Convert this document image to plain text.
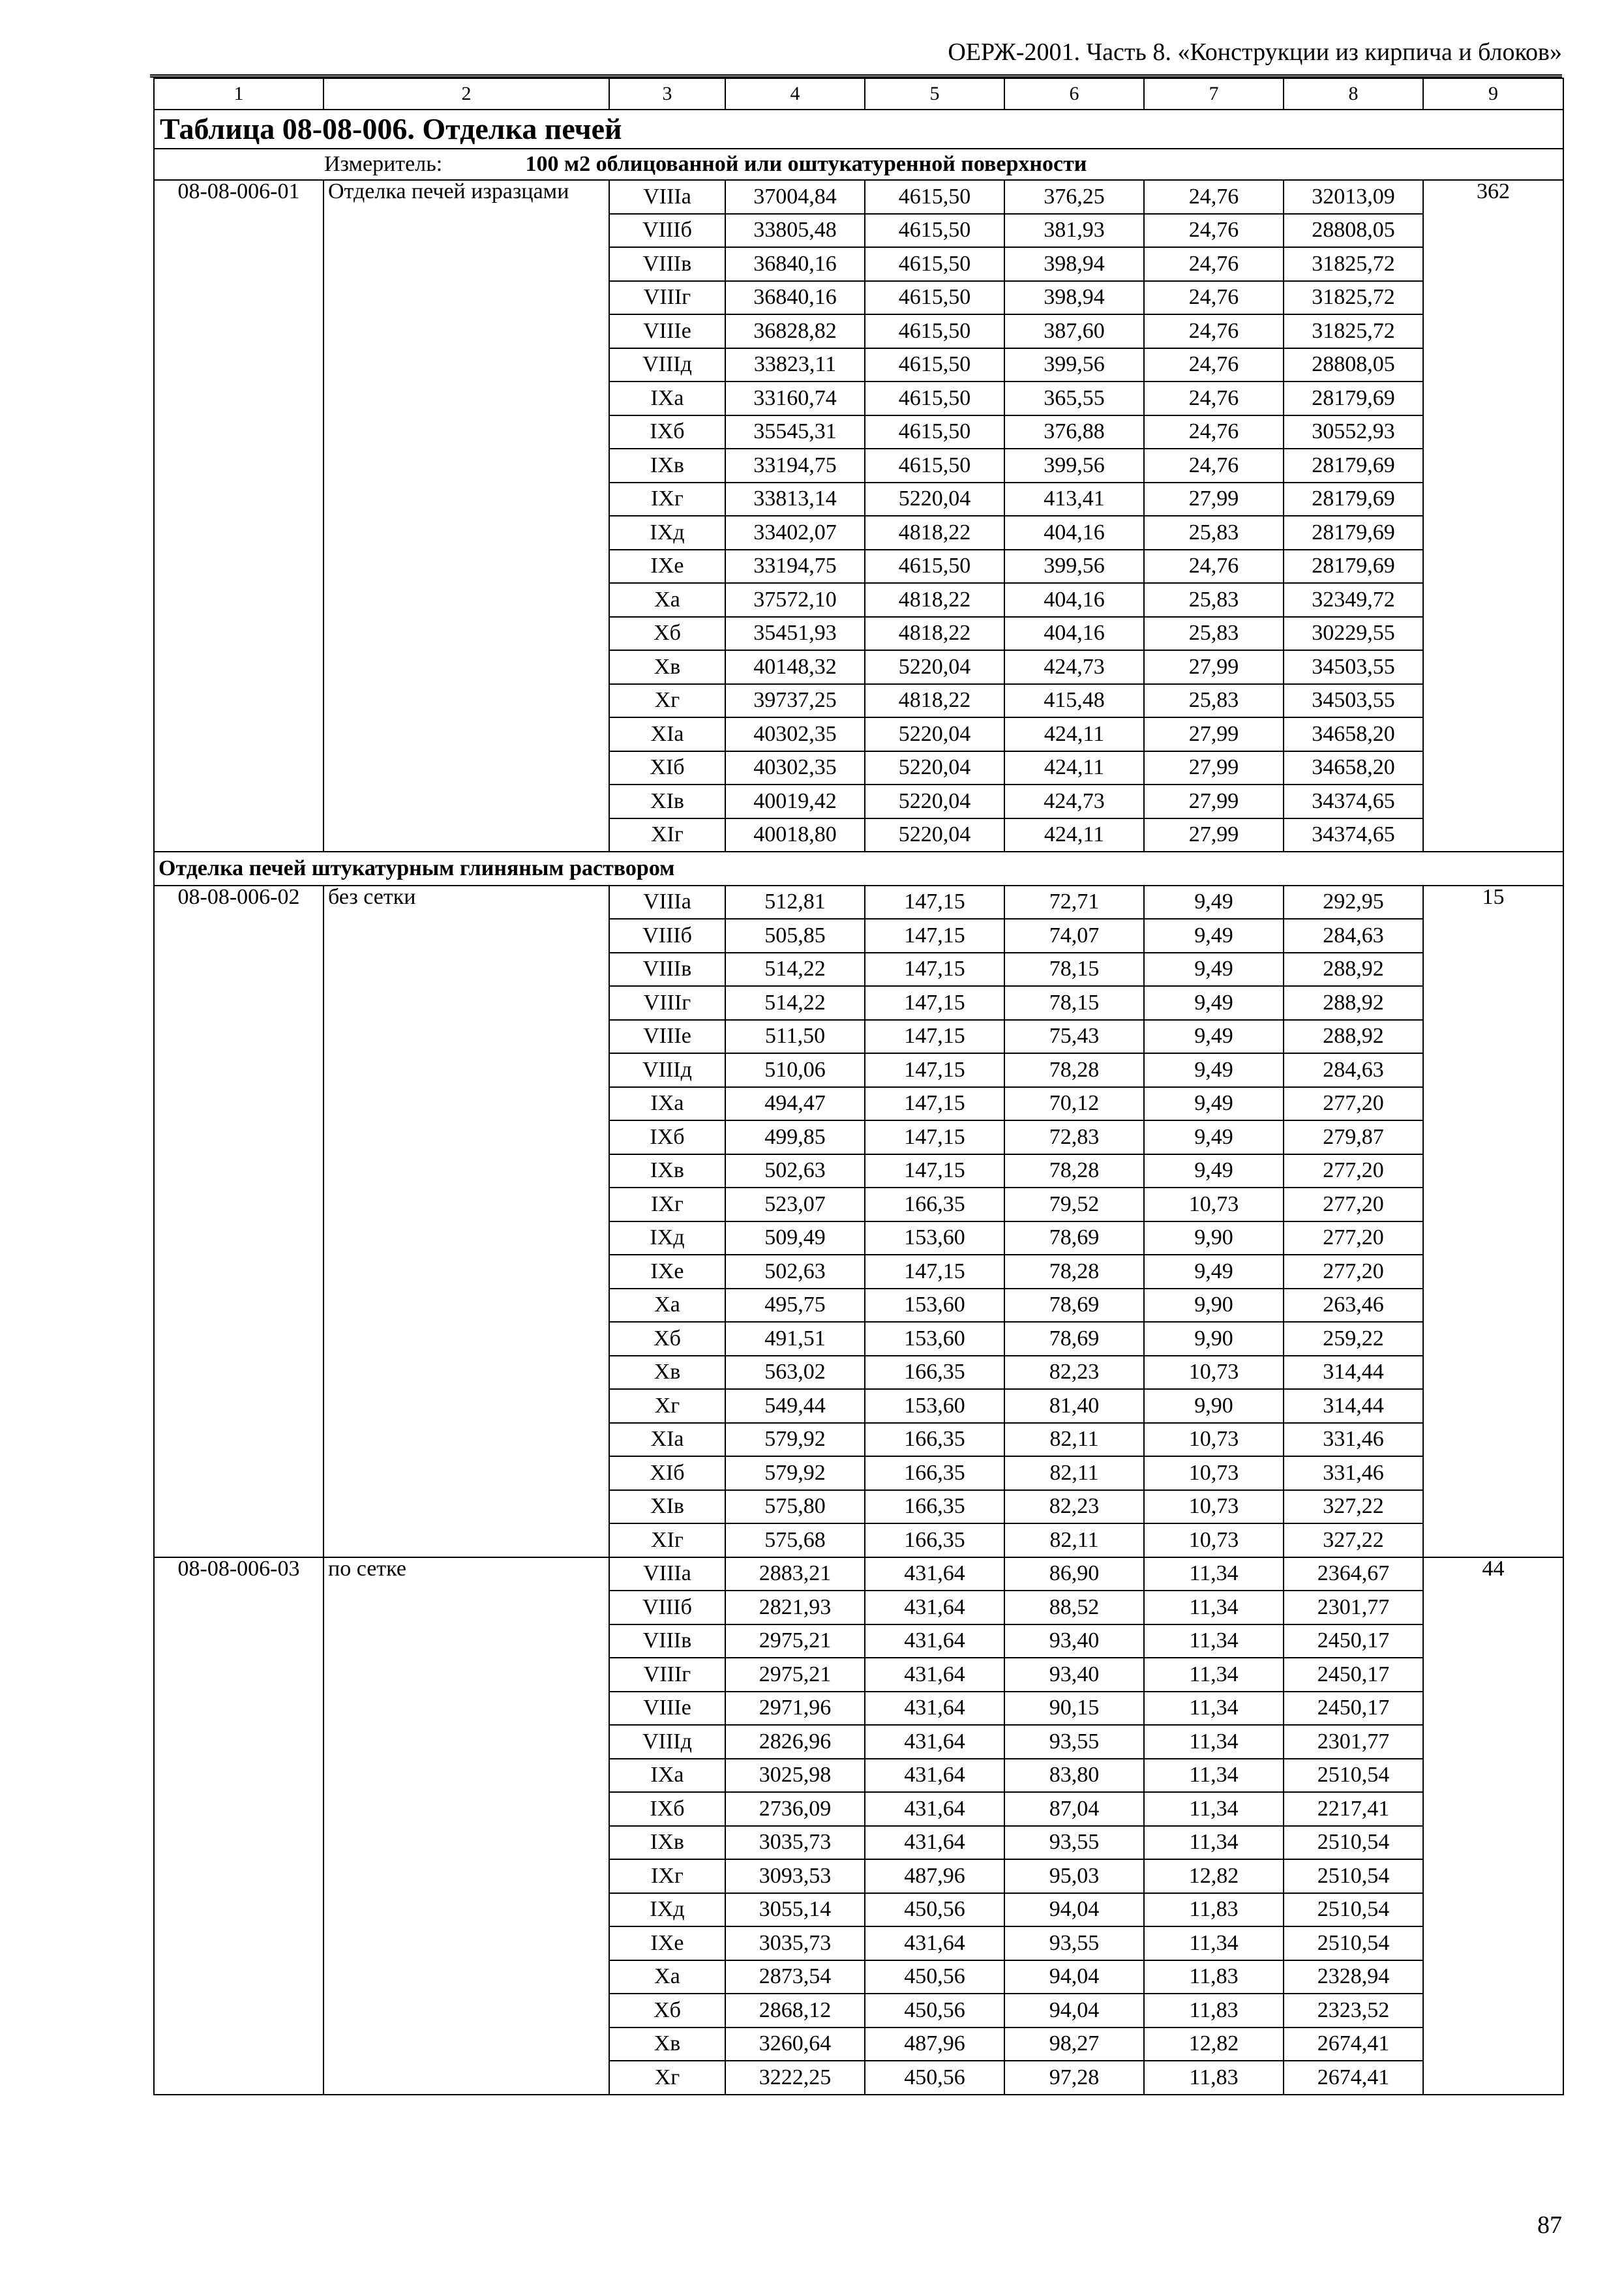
ОЕРЖ-2001. Часть 8. «Конструкции из кирпича и блоков»
1	2	3	4	5	6	7	8	9
Таблица 08-08-006. Отделка печей								
Измеритель: 100 м2 облицованной или оштукатуренной поверхности								
08-08-006-01	Отделка печей изразцами	VIIIa	37004,84	4615,50	376,25	24,76	32013,09	362
		VIIIб	33805,48	4615,50	381,93	24,76	28808,05	
		VIIIв	36840,16	4615,50	398,94	24,76	31825,72	
		VIIIг	36840,16	4615,50	398,94	24,76	31825,72	
		VIIIе	36828,82	4615,50	387,60	24,76	31825,72	
		VIIIд	33823,11	4615,50	399,56	24,76	28808,05	
		IXa	33160,74	4615,50	365,55	24,76	28179,69	
		IXб	35545,31	4615,50	376,88	24,76	30552,93	
		IXв	33194,75	4615,50	399,56	24,76	28179,69	
		IXг	33813,14	5220,04	413,41	27,99	28179,69	
		IXд	33402,07	4818,22	404,16	25,83	28179,69	
		IXе	33194,75	4615,50	399,56	24,76	28179,69	
		Xa	37572,10	4818,22	404,16	25,83	32349,72	
		Xб	35451,93	4818,22	404,16	25,83	30229,55	
		Xв	40148,32	5220,04	424,73	27,99	34503,55	
		Xг	39737,25	4818,22	415,48	25,83	34503,55	
		XIa	40302,35	5220,04	424,11	27,99	34658,20	
		XIб	40302,35	5220,04	424,11	27,99	34658,20	
		XIв	40019,42	5220,04	424,73	27,99	34374,65	
		XIг	40018,80	5220,04	424,11	27,99	34374,65	
Отделка печей штукатурным глиняным раствором								
08-08-006-02	без сетки	VIIIa	512,81	147,15	72,71	9,49	292,95	15
		VIIIб	505,85	147,15	74,07	9,49	284,63	
		VIIIв	514,22	147,15	78,15	9,49	288,92	
		VIIIг	514,22	147,15	78,15	9,49	288,92	
		VIIIе	511,50	147,15	75,43	9,49	288,92	
		VIIIд	510,06	147,15	78,28	9,49	284,63	
		IXa	494,47	147,15	70,12	9,49	277,20	
		IXб	499,85	147,15	72,83	9,49	279,87	
		IXв	502,63	147,15	78,28	9,49	277,20	
		IXг	523,07	166,35	79,52	10,73	277,20	
		IXд	509,49	153,60	78,69	9,90	277,20	
		IXе	502,63	147,15	78,28	9,49	277,20	
		Xa	495,75	153,60	78,69	9,90	263,46	
		Xб	491,51	153,60	78,69	9,90	259,22	
		Xв	563,02	166,35	82,23	10,73	314,44	
		Xг	549,44	153,60	81,40	9,90	314,44	
		XIa	579,92	166,35	82,11	10,73	331,46	
		XIб	579,92	166,35	82,11	10,73	331,46	
		XIв	575,80	166,35	82,23	10,73	327,22	
		XIг	575,68	166,35	82,11	10,73	327,22	
08-08-006-03	по сетке	VIIIa	2883,21	431,64	86,90	11,34	2364,67	44
		VIIIб	2821,93	431,64	88,52	11,34	2301,77	
		VIIIв	2975,21	431,64	93,40	11,34	2450,17	
		VIIIг	2975,21	431,64	93,40	11,34	2450,17	
		VIIIе	2971,96	431,64	90,15	11,34	2450,17	
		VIIIд	2826,96	431,64	93,55	11,34	2301,77	
		IXa	3025,98	431,64	83,80	11,34	2510,54	
		IXб	2736,09	431,64	87,04	11,34	2217,41	
		IXв	3035,73	431,64	93,55	11,34	2510,54	
		IXг	3093,53	487,96	95,03	12,82	2510,54	
		IXд	3055,14	450,56	94,04	11,83	2510,54	
		IXе	3035,73	431,64	93,55	11,34	2510,54	
		Xa	2873,54	450,56	94,04	11,83	2328,94	
		Xб	2868,12	450,56	94,04	11,83	2323,52	
		Xв	3260,64	487,96	98,27	12,82	2674,41	
		Xг	3222,25	450,56	97,28	11,83	2674,41	
87
